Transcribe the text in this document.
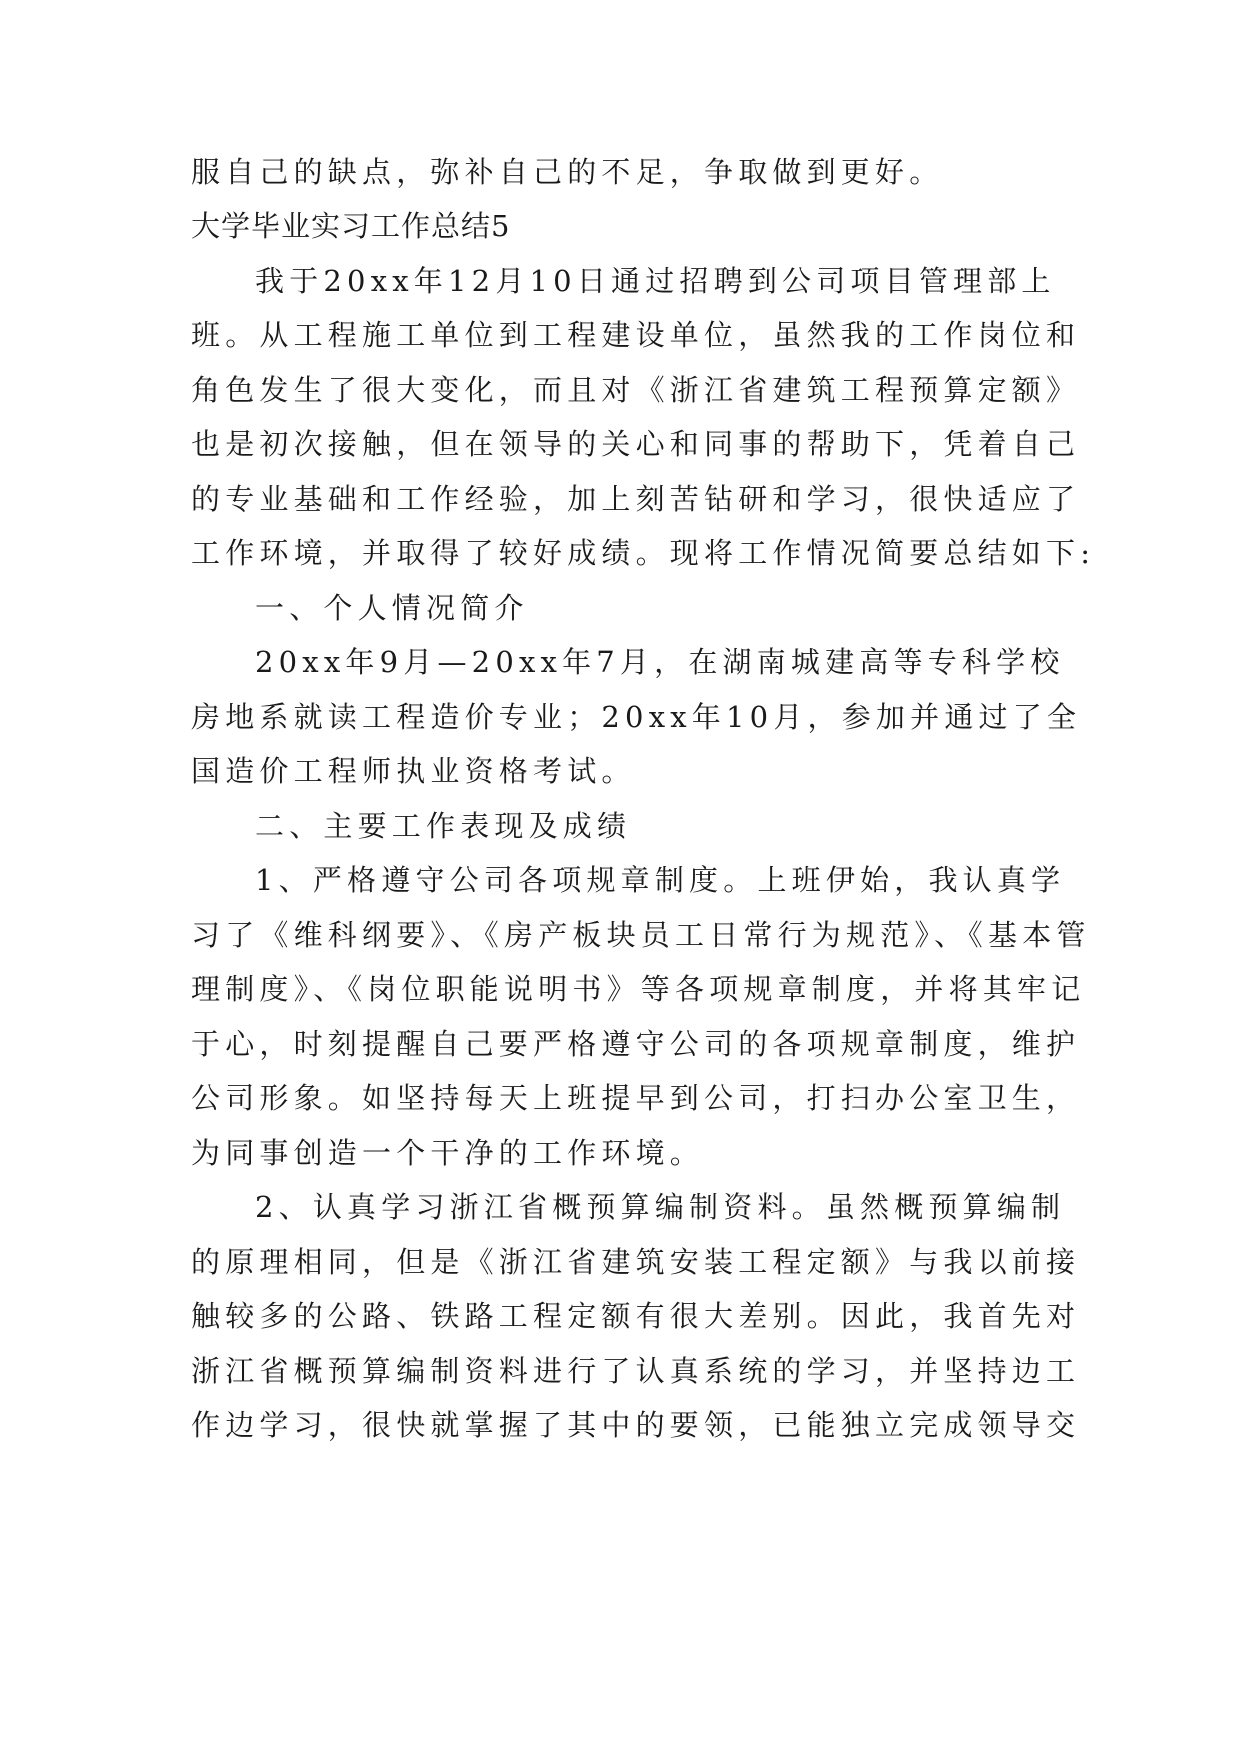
服自己的缺点，弥补自己的不足，争取做到更好。
大学毕业实习工作总结5
我于20xx年12月10日通过招聘到公司项目管理部上
班。从工程施工单位到工程建设单位，虽然我的工作岗位和
角色发生了很大变化，而且对《浙江省建筑工程预算定额》
也是初次接触，但在领导的关心和同事的帮助下，凭着自己
的专业基础和工作经验，加上刻苦钻研和学习，很快适应了
工作环境，并取得了较好成绩。现将工作情况简要总结如下:
一、个人情况简介
20xx年9月—20xx年7月，在湖南城建高等专科学校
房地系就读工程造价专业；20xx年10月，参加并通过了全
国造价工程师执业资格考试。
二、主要工作表现及成绩
1、严格遵守公司各项规章制度。上班伊始，我认真学
习了《维科纲要》、《房产板块员工日常行为规范》、《基本管
理制度》、《岗位职能说明书》等各项规章制度，并将其牢记
于心，时刻提醒自己要严格遵守公司的各项规章制度，维护
公司形象。如坚持每天上班提早到公司，打扫办公室卫生，
为同事创造一个干净的工作环境。
2、认真学习浙江省概预算编制资料。虽然概预算编制
的原理相同，但是《浙江省建筑安装工程定额》与我以前接
触较多的公路、铁路工程定额有很大差别。因此，我首先对
浙江省概预算编制资料进行了认真系统的学习，并坚持边工
作边学习，很快就掌握了其中的要领，已能独立完成领导交
